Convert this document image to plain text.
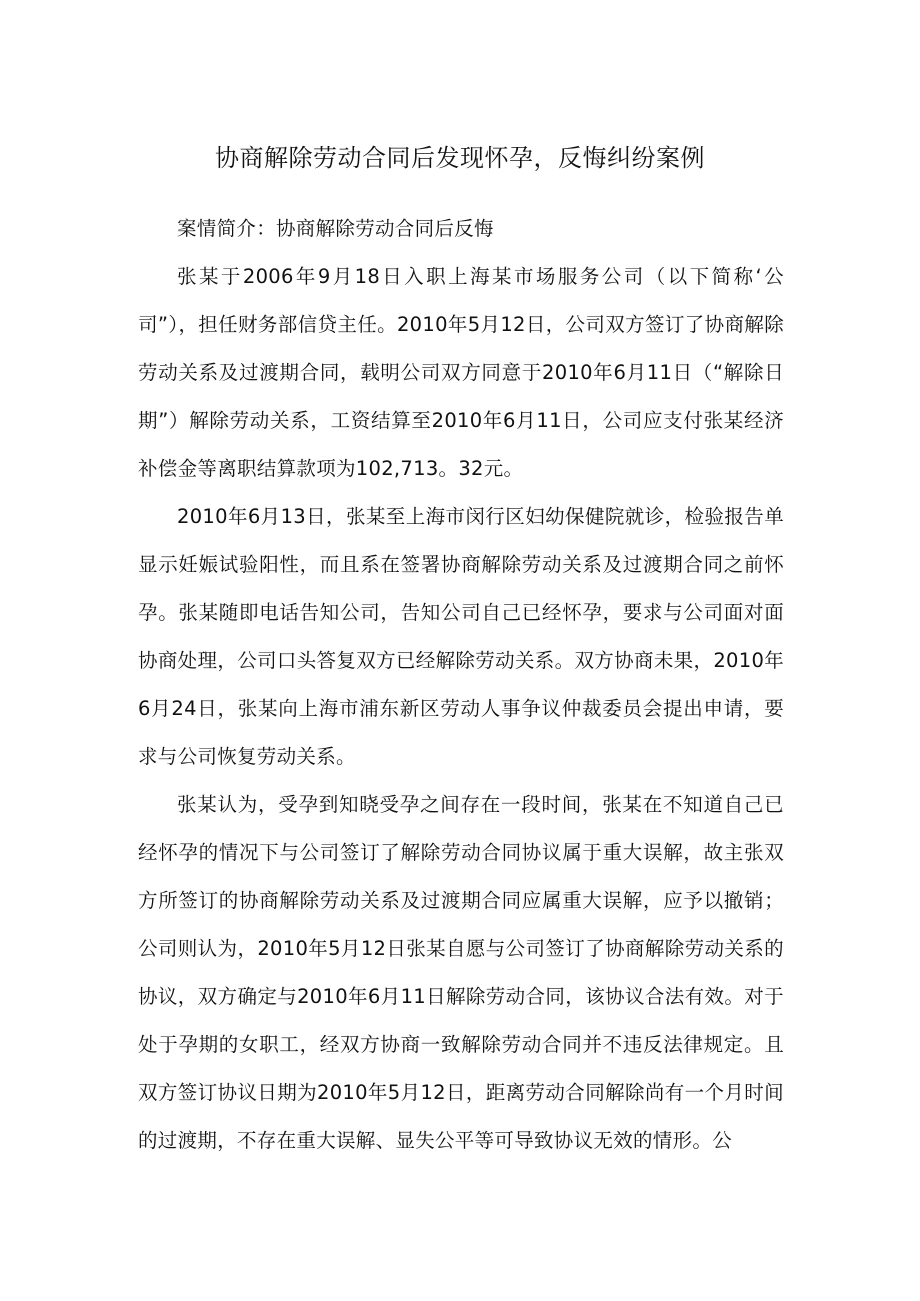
协商解除劳动合同后发现怀孕，反悔纠纷案例

案情简介：协商解除劳动合同后反悔

张某于2006年9月18日入职上海某市场服务公司（以下简称‘公司”），担任财务部信贷主任。2010年5月12日，公司双方签订了协商解除劳动关系及过渡期合同，载明公司双方同意于2010年6月11日（“解除日期”）解除劳动关系，工资结算至2010年6月11日，公司应支付张某经济补偿金等离职结算款项为102,713。32元。

2010年6月13日，张某至上海市闵行区妇幼保健院就诊，检验报告单显示妊娠试验阳性，而且系在签署协商解除劳动关系及过渡期合同之前怀孕。张某随即电话告知公司，告知公司自己已经怀孕，要求与公司面对面协商处理，公司口头答复双方已经解除劳动关系。双方协商未果，2010年6月24日，张某向上海市浦东新区劳动人事争议仲裁委员会提出申请，要求与公司恢复劳动关系。

张某认为，受孕到知晓受孕之间存在一段时间，张某在不知道自己已经怀孕的情况下与公司签订了解除劳动合同协议属于重大误解，故主张双方所签订的协商解除劳动关系及过渡期合同应属重大误解，应予以撤销；公司则认为，2010年5月12日张某自愿与公司签订了协商解除劳动关系的协议，双方确定与2010年6月11日解除劳动合同，该协议合法有效。对于处于孕期的女职工，经双方协商一致解除劳动合同并不违反法律规定。且双方签订协议日期为2010年5月12日，距离劳动合同解除尚有一个月时间的过渡期，不存在重大误解、显失公平等可导致协议无效的情形。公
